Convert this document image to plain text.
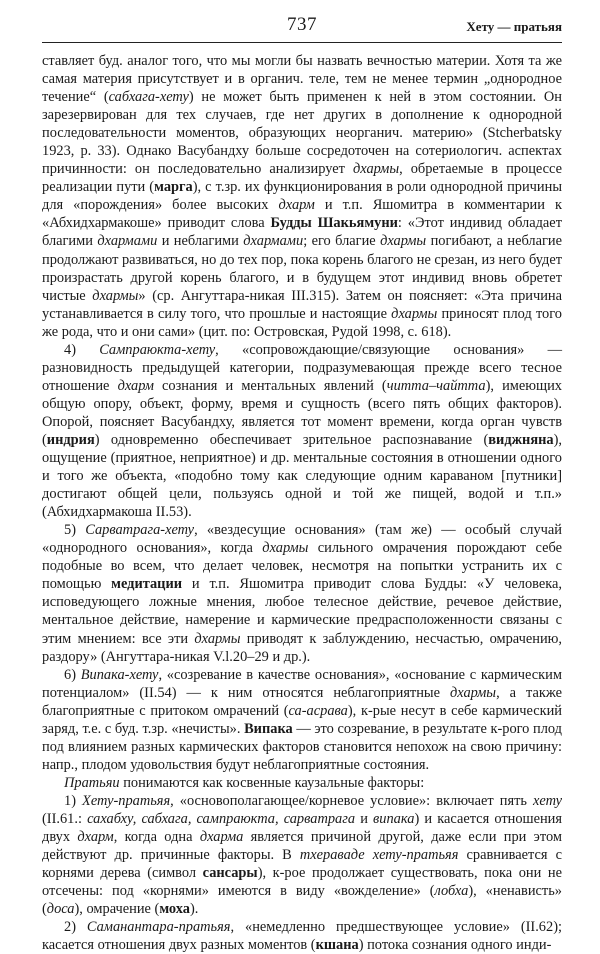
737	Хету — пратьяя

ставляет буд. аналог того, что мы могли бы назвать вечностью материи. Хотя та же самая материя присутствует и в органич. теле, тем не менее термин „однородное течение“ (сабхага-хету) не может быть применен к ней в этом состоянии. Он зарезервирован для тех случаев, где нет других в дополнение к однородной последовательности моментов, образующих неорганич. материю» (Stcherbatsky 1923, p. 33). Однако Васубандху больше сосредоточен на сотериологич. аспектах причинности: он последовательно анализирует дхармы, обретаемые в процессе реализации пути (марга), с т.зр. их функционирования в роли однородной причины для «порождения» более высоких дхарм и т.п. Яшомитра в комментарии к «Абхидхармакоше» приводит слова Будды Шакьямуни: «Этот индивид обладает благими дхармами и неблагими дхармами; его благие дхармы погибают, а неблагие продолжают развиваться, но до тех пор, пока корень благого не срезан, из него будет произрастать другой корень благого, и в будущем этот индивид вновь обретет чистые дхармы» (ср. Ангуттара-никая III.315). Затем он поясняет: «Эта причина устанавливается в силу того, что прошлые и настоящие дхармы приносят плод того же рода, что и они сами» (цит. по: Островская, Рудой 1998, с. 618).

4) Сампраюкта-хету, «сопровождающие/связующие основания» — разновидность предыдущей категории, подразумевающая прежде всего тесное отношение дхарм сознания и ментальных явлений (читта–чайтта), имеющих общую опору, объект, форму, время и сущность (всего пять общих факторов). Опорой, поясняет Васубандху, является тот момент времени, когда орган чувств (индрия) одновременно обеспечивает зрительное распознавание (виджняна), ощущение (приятное, неприятное) и др. ментальные состояния в отношении одного и того же объекта, «подобно тому как следующие одним караваном [путники] достигают общей цели, пользуясь одной и той же пищей, водой и т.п.» (Абхидхармакоша II.53).

5) Сарватрага-хету, «вездесущие основания» (там же) — особый случай «однородного основания», когда дхармы сильного омрачения порождают себе подобные во всем, что делает человек, несмотря на попытки устранить их с помощью медитации и т.п. Яшомитра приводит слова Будды: «У человека, исповедующего ложные мнения, любое телесное действие, речевое действие, ментальное действие, намерение и кармические предрасположенности связаны с этим мнением: все эти дхармы приводят к заблуждению, несчастью, омрачению, раздору» (Ангуттара-никая V.l.20–29 и др.).

6) Випака-хету, «созревание в качестве основания», «основание с кармическим потенциалом» (II.54) — к ним относятся неблагоприятные дхармы, а также благоприятные с притоком омрачений (са-асрава), к-рые несут в себе кармический заряд, т.е. с буд. т.зр. «нечисты». Випака — это созревание, в результате к-рого плод под влиянием разных кармических факторов становится непохож на свою причину: напр., плодом удовольствия будут неблагоприятные состояния.

Пратьяи понимаются как косвенные каузальные факторы:

1) Хету-пратьяя, «основополагающее/корневое условие»: включает пять хету (II.61.: сахабху, сабхага, сампраюкта, сарватрага и випака) и касается отношения двух дхарм, когда одна дхарма является причиной другой, даже если при этом действуют др. причинные факторы. В тхераваде хету-пратьяя сравнивается с корнями дерева (символ сансары), к-рое продолжает существовать, пока они не отсечены: под «корнями» имеются в виду «вожделение» (лобха), «ненависть» (доса), омрачение (моха).

2) Саманантара-пратьяя, «немедленно предшествующее условие» (II.62); касается отношения двух разных моментов (кшана) потока сознания одного инди-
